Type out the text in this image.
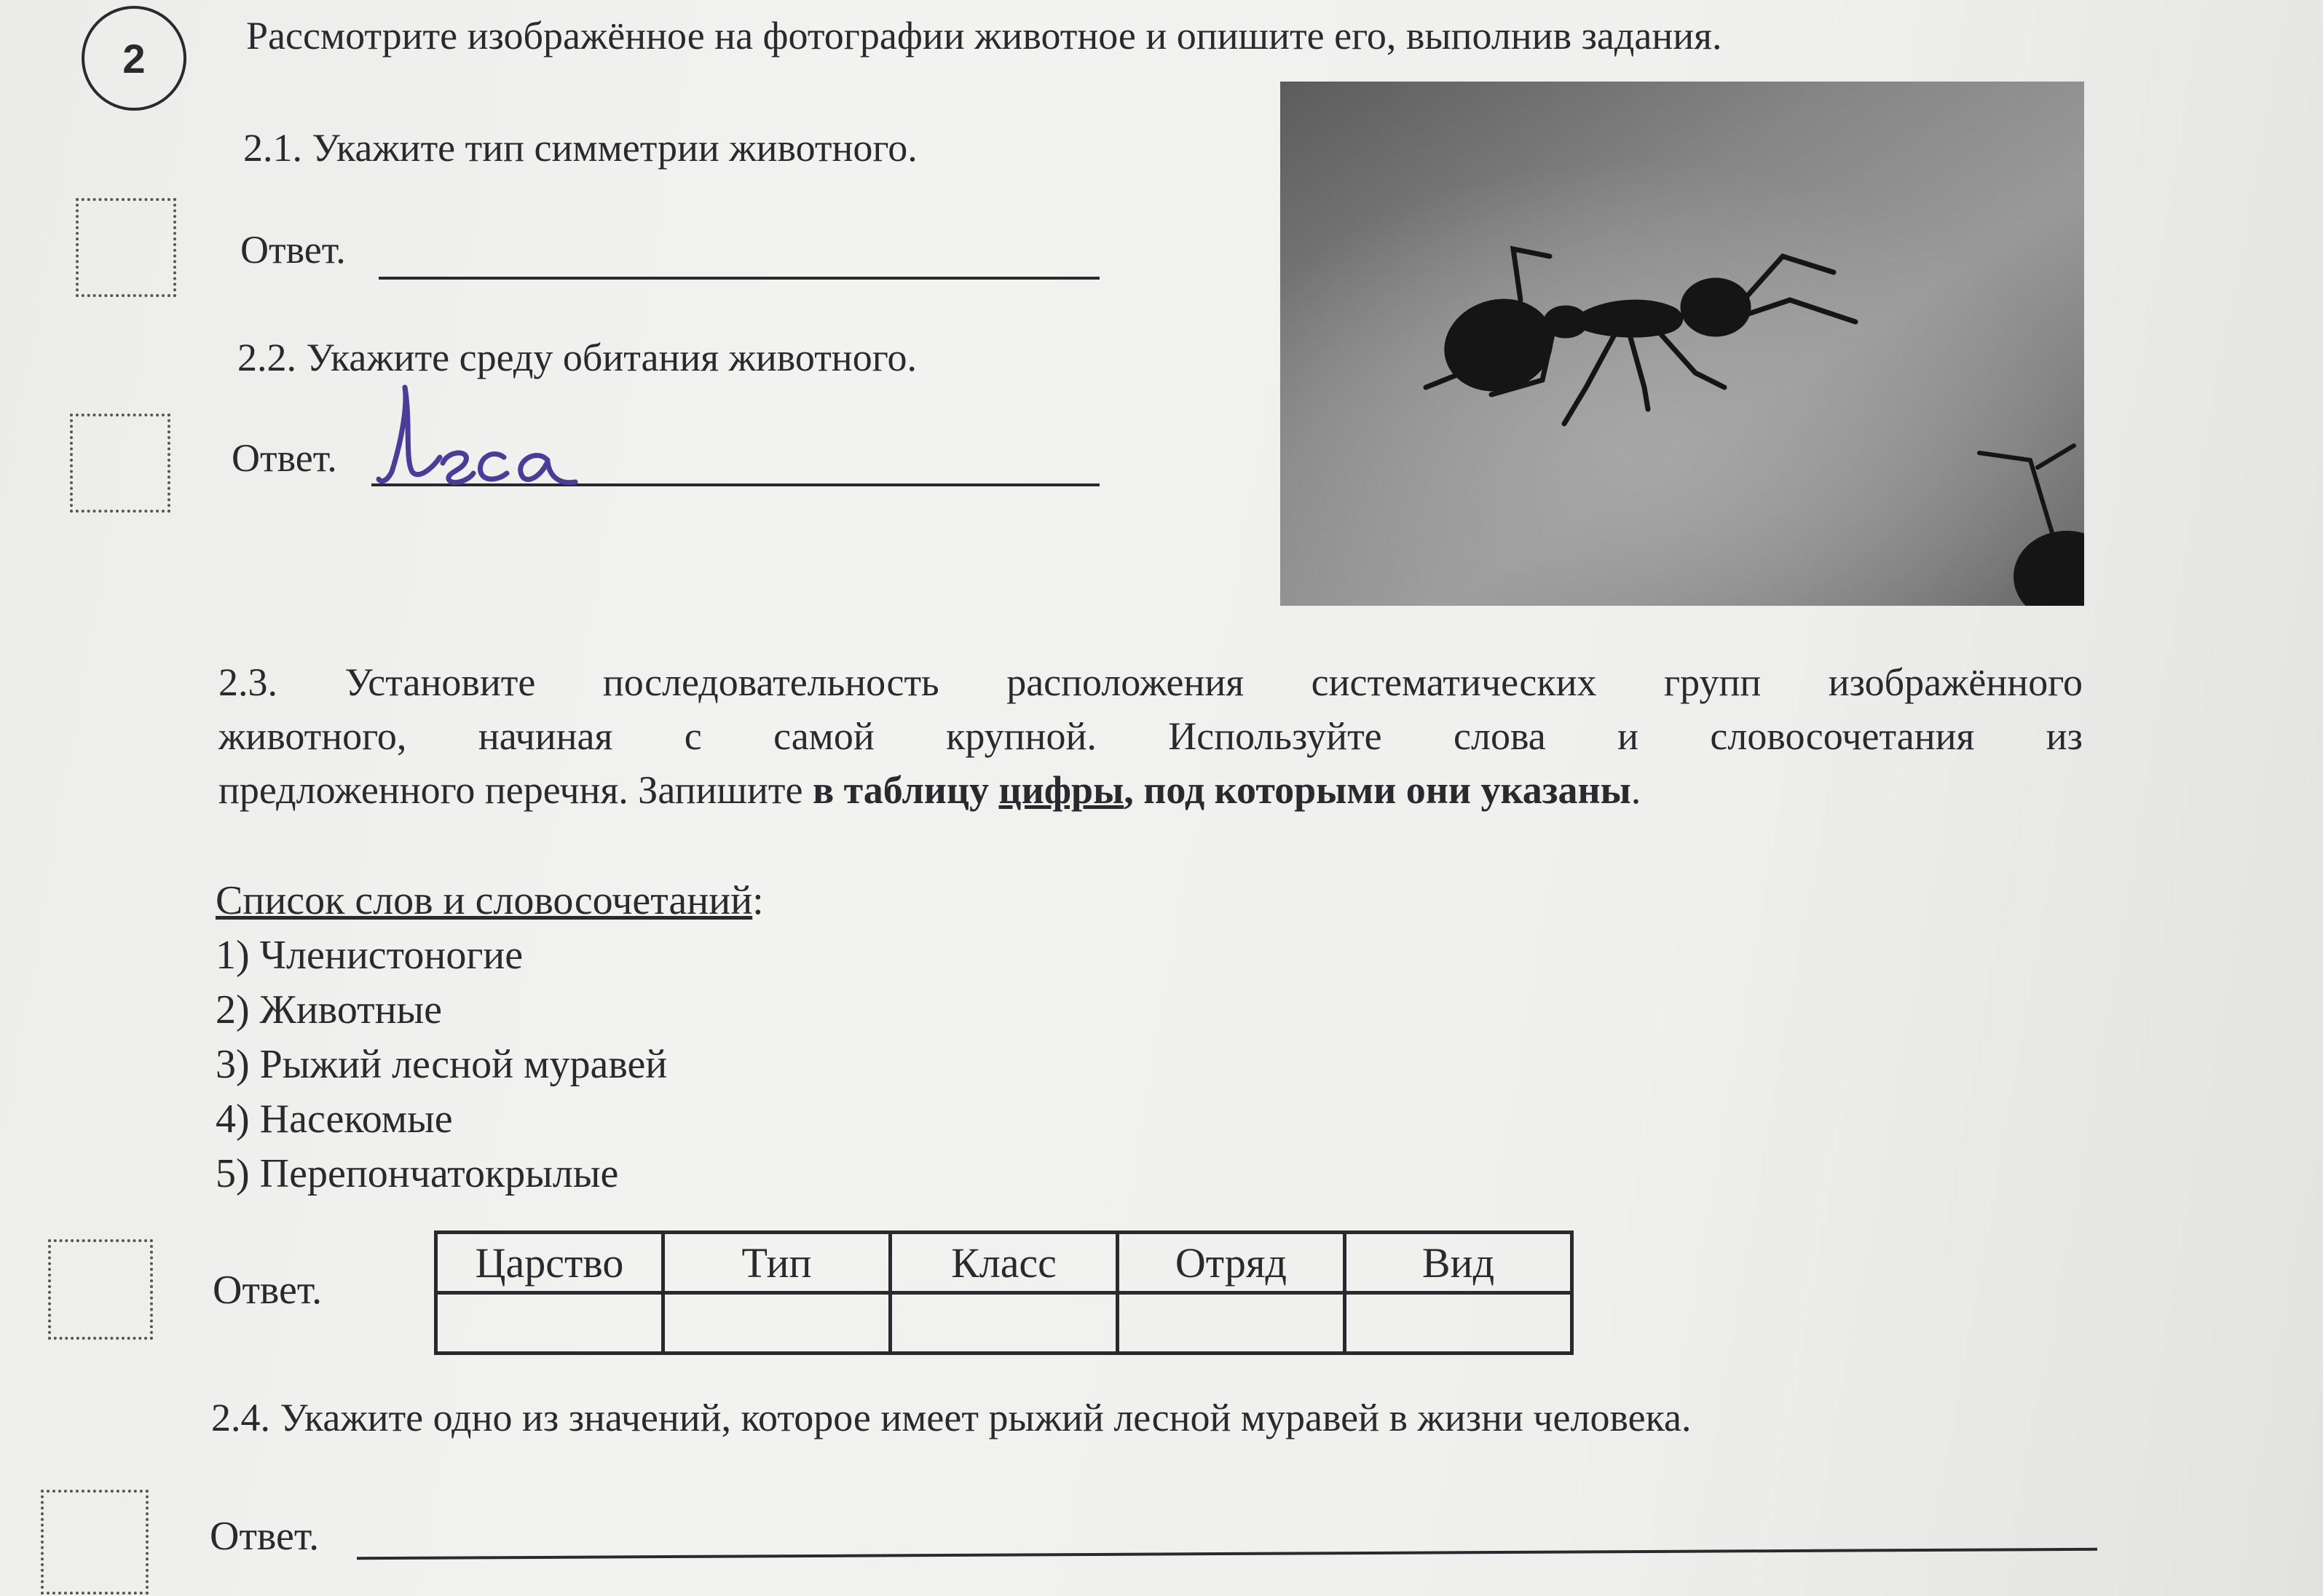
2	Рассмотрите изображённое на фотографии животное и опишите его, выполнив задания.
2.1. Укажите тип симметрии животного.
Ответ.
2.2. Укажите среду обитания животного.
Ответ.
2.3. Установите последовательность расположения систематических групп изображённого
животного, начиная с самой крупной. Используйте слова и словосочетания из
предложенного перечня. Запишите в таблицу цифры, под которыми они указаны.
Список слов и словосочетаний:
1) Членистоногие
2) Животные
3) Рыжий лесной муравей
4) Насекомые
5) Перепончатокрылые
Ответ.
Царство	Тип	Класс	Отряд	Вид

2.4. Укажите одно из значений, которое имеет рыжий лесной муравей в жизни человека.
Ответ.
